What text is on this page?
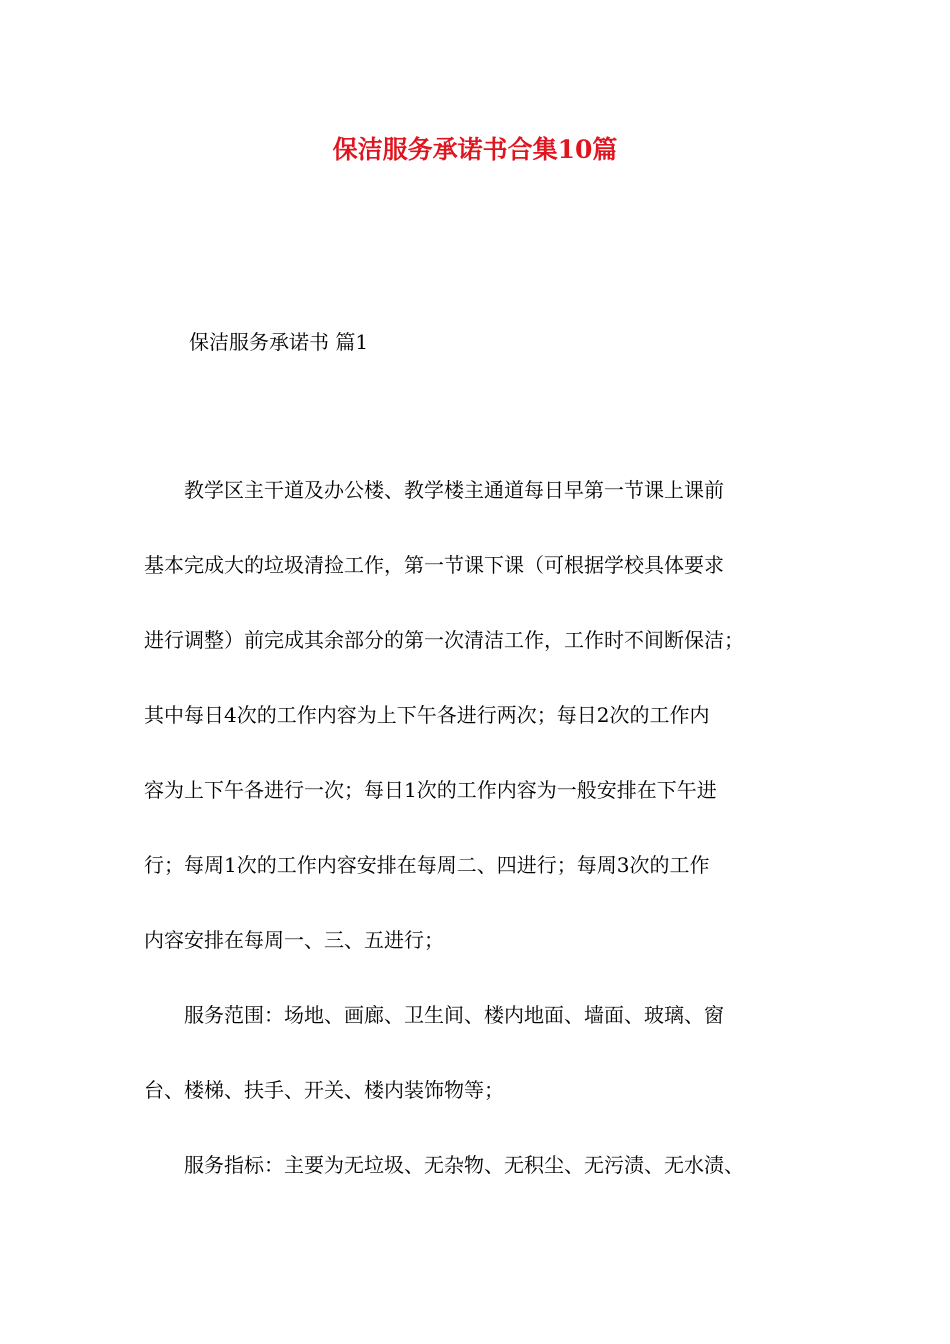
保洁服务承诺书合集10篇
保洁服务承诺书 篇1
　　教学区主干道及办公楼、教学楼主通道每日早第一节课上课前
基本完成大的垃圾清捡工作，第一节课下课（可根据学校具体要求
进行调整）前完成其余部分的第一次清洁工作，工作时不间断保洁；
其中每日4次的工作内容为上下午各进行两次；每日2次的工作内
容为上下午各进行一次；每日1次的工作内容为一般安排在下午进
行；每周1次的工作内容安排在每周二、四进行；每周3次的工作
内容安排在每周一、三、五进行；
　　服务范围：场地、画廊、卫生间、楼内地面、墙面、玻璃、窗
台、楼梯、扶手、开关、楼内装饰物等；
　　服务指标：主要为无垃圾、无杂物、无积尘、无污渍、无水渍、
